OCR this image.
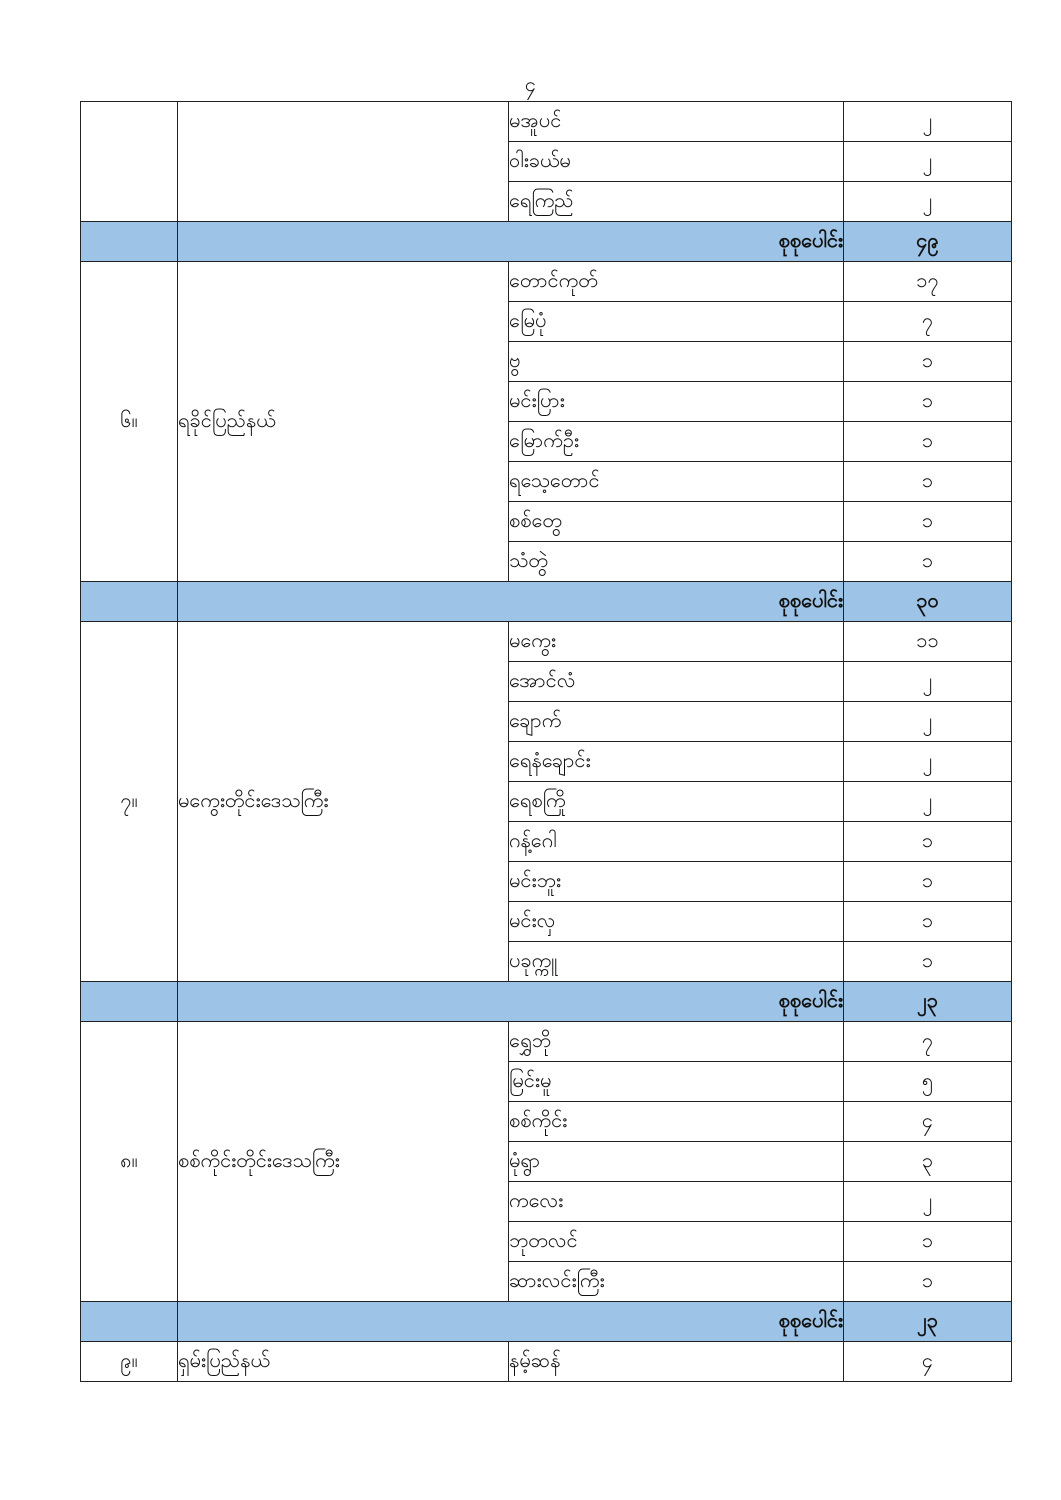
၄
		မအူပင်	၂
		ဝါးခယ်မ	၂
		ရေကြည်	၂
	စုစုပေါင်း		၄၉
၆။	ရခိုင်ပြည်နယ်	တောင်ကုတ်	၁၇
		မြေပုံ	၇
		ဗွ	၁
		မင်းပြား	၁
		မြောက်ဦး	၁
		ရသေ့တောင်	၁
		စစ်တွေ	၁
		သံတွဲ	၁
	စုစုပေါင်း		၃၀
၇။	မကွေးတိုင်းဒေသကြီး	မကွေး	၁၁
		အောင်လံ	၂
		ချောက်	၂
		ရေနံချောင်း	၂
		ရေစကြို	၂
		ဂန့်ဂေါ	၁
		မင်းဘူး	၁
		မင်းလှ	၁
		ပခုက္ကူ	၁
	စုစုပေါင်း		၂၃
၈။	စစ်ကိုင်းတိုင်းဒေသကြီး	ရွှေဘို	၇
		မြင်းမူ	၅
		စစ်ကိုင်း	၄
		မုံရွာ	၃
		ကလေး	၂
		ဘုတလင်	၁
		ဆားလင်းကြီး	၁
	စုစုပေါင်း		၂၃
၉။	ရှမ်းပြည်နယ်	နမ့်ဆန်	၄
